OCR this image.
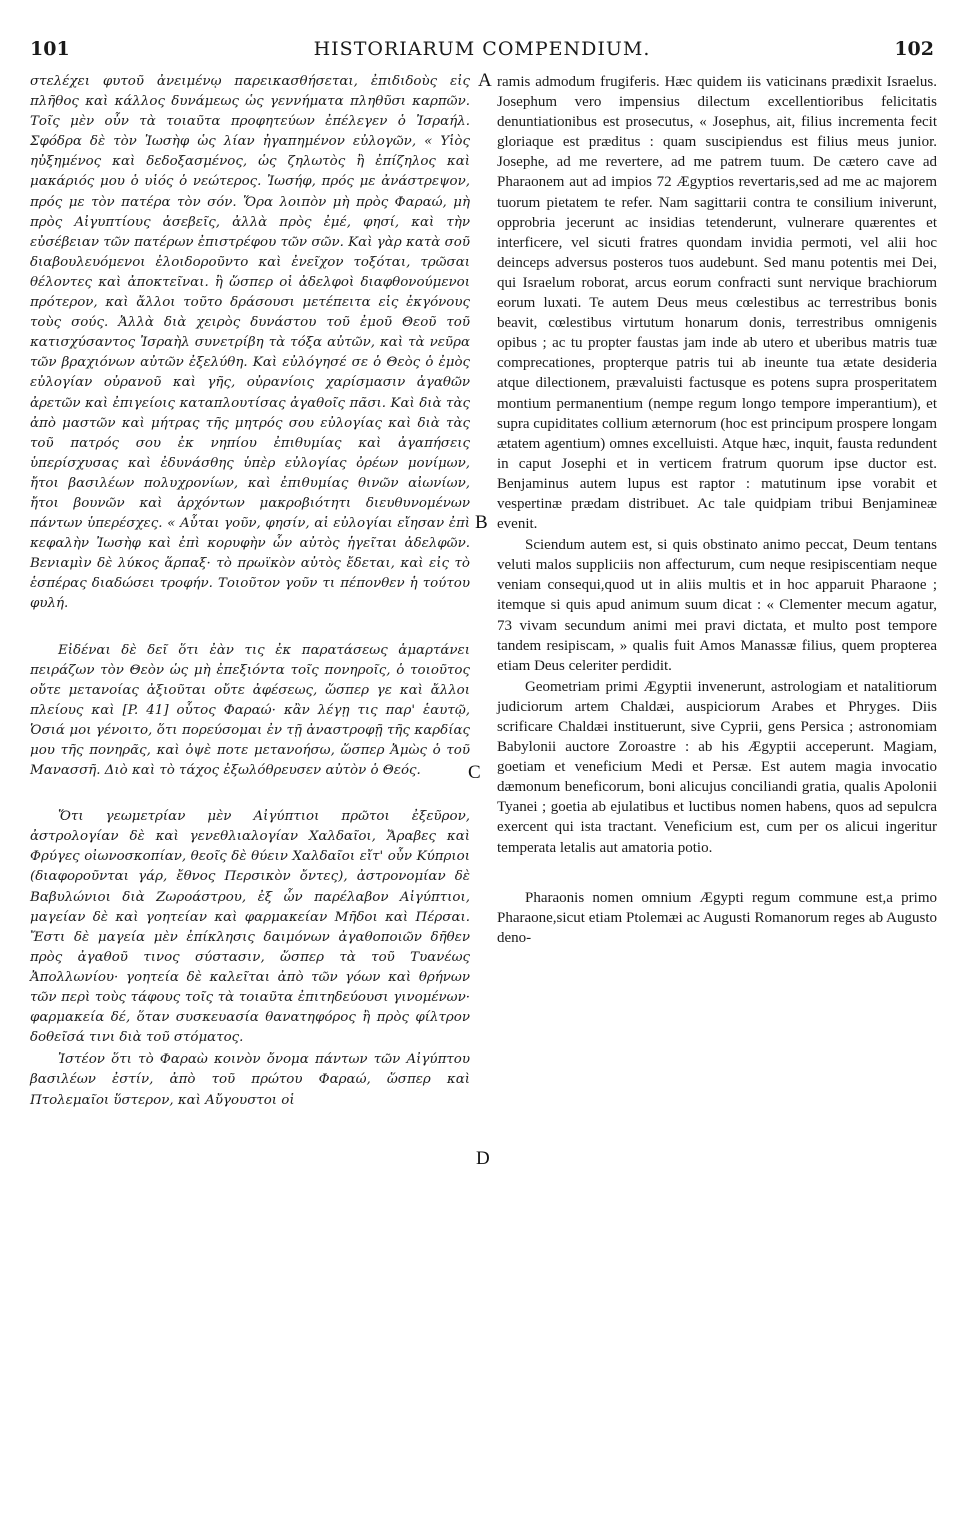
101	HISTORIARUM COMPENDIUM.	102

στελέχει φυτοῦ ἀνειμένῳ παρεικασθήσεται, ἐπιδιδοὺς εἰς πλῆθος καὶ κάλλος δυνάμεως ὡς γεννήματα πληθῦσι καρπῶν. Τοῖς μὲν οὖν τὰ τοιαῦτα προφητεύων ἐπέλεγεν ὁ Ἰσραήλ. Σφόδρα δὲ τὸν Ἰωσὴφ ὡς λίαν ἠγαπημένον εὐλογῶν, « Υἱὸς ηὐξημένος καὶ δεδοξασμένος, ὡς ζηλωτὸς ἢ ἐπίζηλος καὶ μακάριός μου ὁ υἱός ὁ νεώτερος. Ἰωσήφ, πρός με ἀνάστρεψον, πρός με τὸν πατέρα τὸν σόν. Ὅρα λοιπὸν μὴ πρὸς Φαραώ, μὴ πρὸς Αἰγυπτίους ἀσεβεῖς, ἀλλὰ πρὸς ἐμέ, φησί, καὶ τὴν εὐσέβειαν τῶν πατέρων ἐπιστρέφου τῶν σῶν. Καὶ γὰρ κατὰ σοῦ διαβουλευόμενοι ἐλοιδοροῦντο καὶ ἐνεῖχον τοξόται, τρῶσαι θέλοντες καὶ ἀποκτεῖναι. ἢ ὥσπερ οἱ ἀδελφοὶ διαφθονούμενοι πρότερον, καὶ ἄλλοι τοῦτο δράσουσι μετέπειτα εἰς ἐκγόνους τοὺς σούς. Ἀλλὰ διὰ χειρὸς δυνάστου τοῦ ἐμοῦ Θεοῦ τοῦ κατισχύσαντος Ἰσραὴλ συνετρίβη τὰ τόξα αὐτῶν, καὶ τὰ νεῦρα τῶν βραχιόνων αὐτῶν ἐξελύθη. Καὶ εὐλόγησέ σε ὁ Θεὸς ὁ ἐμὸς εὐλογίαν οὐρανοῦ καὶ γῆς, οὐρανίοις χαρίσμασιν ἀγαθῶν ἀρετῶν καὶ ἐπιγείοις καταπλουτίσας ἀγαθοῖς πᾶσι. Καὶ διὰ τὰς ἀπὸ μαστῶν καὶ μήτρας τῆς μητρός σου εὐλογίας καὶ διὰ τὰς τοῦ πατρός σου ἐκ νηπίου ἐπιθυμίας καὶ ἀγαπήσεις ὑπερίσχυσας καὶ ἐδυνάσθης ὑπὲρ εὐλογίας ὀρέων μονίμων, ἤτοι βασιλέων πολυχρονίων, καὶ ἐπιθυμίας θινῶν αἰωνίων, ἤτοι βουνῶν καὶ ἀρχόντων μακροβιότητι διευθυνομένων πάντων ὑπερέσχες. « Αὗται γοῦν, φησίν, αἱ εὐλογίαι εἴησαν ἐπὶ κεφαλὴν Ἰωσὴφ καὶ ἐπὶ κορυφὴν ὧν αὐτὸς ἡγεῖται ἀδελφῶν. Βενιαμὶν δὲ λύκος ἅρπαξ· τὸ πρωϊκὸν αὐτὸς ἔδεται, καὶ εἰς τὸ ἑσπέρας διαδώσει τροφήν. Τοιοῦτον γοῦν τι πέπονθεν ἡ τούτου φυλή.

Εἰδέναι δὲ δεῖ ὅτι ἐὰν τις ἐκ παρατάσεως ἁμαρτάνει πειράζων τὸν Θεὸν ὡς μὴ ἐπεξιόντα τοῖς πονηροῖς, ὁ τοιοῦτος οὔτε μετανοίας ἀξιοῦται οὔτε ἀφέσεως, ὥσπερ γε καὶ ἄλλοι πλείους καὶ [P. 41] οὗτος Φαραώ· κἂν λέγῃ τις παρ' ἑαυτῷ, Ὁσιά μοι γένοιτο, ὅτι πορεύσομαι ἐν τῇ ἀναστροφῇ τῆς καρδίας μου τῆς πονηρᾶς, καὶ ὀψὲ ποτε μετανοήσω, ὥσπερ Ἀμὼς ὁ τοῦ Μανασσῆ. Διὸ καὶ τὸ τάχος ἐξωλόθρευσεν αὐτὸν ὁ Θεός.

Ὅτι γεωμετρίαν μὲν Αἰγύπτιοι πρῶτοι ἐξεῦρον, ἀστρολογίαν δὲ καὶ γενεθλιαλογίαν Χαλδαῖοι, Ἄραβες καὶ Φρύγες οἰωνοσκοπίαν, θεοῖς δὲ θύειν Χαλδαῖοι εἴτ' οὖν Κύπριοι (διαφοροῦνται γάρ, ἔθνος Περσικὸν ὄντες), ἀστρονομίαν δὲ Βαβυλώνιοι διὰ Ζωροάστρου, ἐξ ὧν παρέλαβον Αἰγύπτιοι, μαγείαν δὲ καὶ γοητείαν καὶ φαρμακείαν Μῆδοι καὶ Πέρσαι. Ἔστι δὲ μαγεία μὲν ἐπίκλησις δαιμόνων ἀγαθοποιῶν δῆθεν πρὸς ἀγαθοῦ τινος σύστασιν, ὥσπερ τὰ τοῦ Τυανέως Ἀπολλωνίου· γοητεία δὲ καλεῖται ἀπὸ τῶν γόων καὶ θρήνων τῶν περὶ τοὺς τάφους τοῖς τὰ τοιαῦτα ἐπιτηδεύουσι γινομένων· φαρμακεία δέ, ὅταν συσκευασία θανατηφόρος ἢ πρὸς φίλτρον δοθεῖσά τινι διὰ τοῦ στόματος.

Ἰστέον ὅτι τὸ Φαραὼ κοινὸν ὄνομα πάντων τῶν Αἰγύπτου βασιλέων ἐστίν, ἀπὸ τοῦ πρώτου Φαραώ, ὥσπερ καὶ Πτολεμαῖοι ὕστερον, καὶ Αὔγουστοι οἱ

ramis admodum frugiferis. Hæc quidem iis vaticinans prædixit Israelus. Josephum vero impensius dilectum excellentioribus felicitatis denuntiationibus est prosecutus, « Josephus, ait, filius incrementa fecit gloriaque est præditus : quam suscipiendus est filius meus junior. Josephe, ad me revertere, ad me patrem tuum. De cætero cave ad Pharaonem aut ad impios 72 Ægyptios revertaris,sed ad me ac majorem tuorum pietatem te refer. Nam sagittarii contra te consilium iniverunt, opprobria jecerunt ac insidias tetenderunt, vulnerare quærentes et interficere, vel sicuti fratres quondam invidia permoti, vel alii hoc deinceps adversus posteros tuos audebunt. Sed manu potentis mei Dei, qui Israelum roborat, arcus eorum confracti sunt nervique brachiorum eorum luxati. Te autem Deus meus cœlestibus ac terrestribus bonis beavit, cœlestibus virtutum honarum donis, terrestribus omnigenis opibus ; ac tu propter faustas jam inde ab utero et uberibus matris tuæ comprecationes, propterque patris tui ab ineunte tua ætate desideria atque dilectionem, prævaluisti factusque es potens supra prosperitatem montium permanentium (nempe regum longo tempore imperantium), et supra cupiditates collium æternorum (hoc est principum prospere longam ætatem agentium) omnes excelluisti. Atque hæc, inquit, fausta redundent in caput Josephi et in verticem fratrum quorum ipse ductor est. Benjaminus autem lupus est raptor : matutinum ipse vorabit et vespertinæ prædam distribuet. Ac tale quidpiam tribui Benjamineæ evenit.

Sciendum autem est, si quis obstinato animo peccat, Deum tentans veluti malos suppliciis non affecturum, cum neque resipiscentiam neque veniam consequi,quod ut in aliis multis et in hoc apparuit Pharaone ; itemque si quis apud animum suum dicat : « Clementer mecum agatur, 73 vivam secundum animi mei pravi dictata, et multo post tempore tandem resipiscam, » qualis fuit Amos Manassæ filius, quem propterea etiam Deus celeriter perdidit.

Geometriam primi Ægyptii invenerunt, astrologiam et natalitiorum judiciorum artem Chaldæi, auspiciorum Arabes et Phryges. Diis scrificare Chaldæi instituerunt, sive Cyprii, gens Persica ; astronomiam Babylonii auctore Zoroastre : ab his Ægyptii acceperunt. Magiam, goetiam et veneficium Medi et Persæ. Est autem magia invocatio dæmonum beneficorum, boni alicujus conciliandi gratia, qualis Apolonii Tyanei ; goetia ab ejulatibus et luctibus nomen habens, quos ad sepulcra exercent qui ista tractant. Veneficium est, cum per os alicui ingeritur temperata letalis aut amatoria potio.

Pharaonis nomen omnium Ægypti regum commune est,a primo Pharaone,sicut etiam Ptolemæi ac Augusti Romanorum reges ab Augusto deno-

A
B
C
D
